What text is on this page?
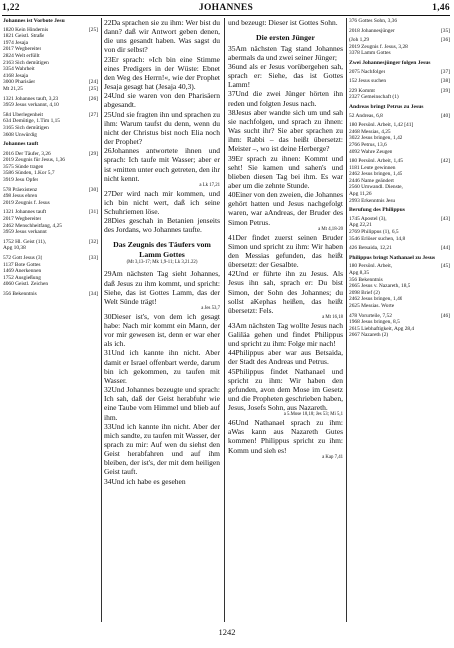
1,22	JOHANNES	1,46
Johannes ist Vorbote Jesu
1820 Kein Hindernis	[25]
1821 Geistl. Straße
1974 Jesaja
2017 Wegbereiter
2824 Welt erfüllt
2163 Sich demütigen
3354 Wahrheit
4168 Jesaja
3000 Pharisäer	[24]
Mt 21,25	[25]
1321 Johannes tauft, 3,23	[26]
3959 Jesus verkannt, 4,10
584 Überlegenheit	[27]
634 Demütige, 1.Tim 1,15
3165 Sich demütigen
3608 Unwürdig
Johannes tauft
2016 Der Täufer, 3,26	[29]
2019 Zeugnis für Jesus, 1,36
3575 Sünde tragen
3586 Sünden, 1.Kor 5,7
3919 Jesu Opfer
578 Präexistenz	[30]
498 Jesus ehren
2019 Zeugnis f. Jesus
1321 Johannes tauft	[31]
2017 Wegbereiter
2462 Menschheitfang, 4,25
3959 Jesus verkannt
1752 Hl. Geist (11),	[32]
Apg 10,38
572 Gott Jesus (3)	[33]
1137 Bote Gottes
1469 Anerkennen
1752 Ausgießung
4060 Geistl. Zeichen
356 Bekenntnis	[34]

22Da sprachen sie zu ihm: Wer bist du dann? daß wir Antwort geben denen, die uns gesandt haben. Was sagst du von dir selbst?

23Er sprach: »Ich bin eine Stimme eines Predigers in der Wüste: Ebnet den Weg des Herrn!«, wie der Prophet Jesaja gesagt hat (Jesaja 40,3).

24Und sie waren von den Pharisäern abgesandt.

25Und sie fragten ihn und sprachen zu ihm: Warum taufst du denn, wenn du nicht der Christus bist noch Elia noch der Prophet?

26Johannes antwortete ihnen und sprach: Ich taufe mit Wasser; aber er ist »mitten unter euch getreten, den ihr nicht kennt.

a Lk 17,21

27Der wird nach mir kommen, und ich bin nicht wert, daß ich seine Schuhriemen löse.

28Dies geschah in Betanien jenseits des Jordans, wo Johannes taufte.

Das Zeugnis des Täufers vom Lamm Gottes
(Mt 3,13-17; Mk 1,9-11; Lk 3,21.22)

29Am nächsten Tag sieht Johannes, daß Jesus zu ihm kommt, und spricht: Siehe, das ist Gottes Lamm, das der Welt Sünde trägt!

a Jes 53,7

30Dieser ist's, von dem ich gesagt habe: Nach mir kommt ein Mann, der vor mir gewesen ist, denn er war eher als ich.

31Und ich kannte ihn nicht. Aber damit er Israel offenbart werde, darum bin ich gekommen, zu taufen mit Wasser.

32Und Johannes bezeugte und sprach: Ich sah, daß der Geist herabfuhr wie eine Taube vom Himmel und blieb auf ihm.

33Und ich kannte ihn nicht. Aber der mich sandte, zu taufen mit Wasser, der sprach zu mir: Auf wen du siehst den Geist herabfahren und auf ihm bleiben, der ist's, der mit dem heiligen Geist tauft.

34Und ich habe es gesehen

und bezeugt: Dieser ist Gottes Sohn.

Die ersten Jünger

35Am nächsten Tag stand Johannes abermals da und zwei seiner Jünger;

36und als er Jesus vorübergehen sah, sprach er: Siehe, das ist Gottes Lamm!

37Und die zwei Jünger hörten ihn reden und folgten Jesus nach.

38Jesus aber wandte sich um und sah sie nachfolgen, und sprach zu ihnen: Was sucht ihr? Sie aber sprachen zu ihm: Rabbi – das heißt übersetzt: Meister –, wo ist deine Herberge?

39Er sprach zu ihnen: Kommt und seht! Sie kamen und sahen's und blieben diesen Tag bei ihm. Es war aber um die zehnte Stunde.

40Einer von den zweien, die Johannes gehört hatten und Jesus nachgefolgt waren, war aAndreas, der Bruder des Simon Petrus.

a Mt 4,18-20

41Der findet zuerst seinen Bruder Simon und spricht zu ihm: Wir haben den Messias gefunden, das heißt übersetzt: der Gesalbte.

42Und er führte ihn zu Jesus. Als Jesus ihn sah, sprach er: Du bist Simon, der Sohn des Johannes; du sollst aKephas heißen, das heißt übersetzt: Fels.

a Mt 16,18

43Am nächsten Tag wollte Jesus nach Galiläa gehen und findet Philippus und spricht zu ihm: Folge mir nach!

44Philippus aber war aus Betsaida, der Stadt des Andreas und Petrus.

45Philippus findet Nathanael und spricht zu ihm: Wir haben den gefunden, avon dem Mose im Gesetz und die Propheten geschrieben haben, Jesus, Josefs Sohn, aus Nazareth.

a 5.Mose 18,18; Jes 53; Mi 5,1

46Und Nathanael sprach zu ihm: aWas kann aus Nazareth Gutes kommen! Philippus spricht zu ihm: Komm und sieh es!

a Kap 7,41
376 Gottes Sohn, 3,36
2018 Johannesjünger	[35]
(Joh 1,29	[36]
2019 Zeugnis f. Jesus, 3,28
3378 Lamm Gottes
Zwei Johannesjünger folgen Jesus
2075 Nachfolger	[37]
152 Jesus suchen	[38]
229 Kommt	[39]
2327 Gemeinschaft (1)
Andreas bringt Petrus zu Jesus
52 Andreas, 6,8	[40]
180 Persönl. Arbeit, 1,42 [41]
2468 Messias, 4,25
3022 Jesus bringen, 1,42
2766 Petrus, 13,6
4092 Wahre Zeugen
180 Persönl. Arbeit, 1,45	[42]
1181 Leute gewinnen
2462 Jesus bringen, 1,45
2446 Name geändert
2560 Umwandl. Dienste,
Apg 11,26
2993 Erkenntnis Jesu
Berufung des Philippus
1745 Apostel (3),	[43]
Apg 22,21
2769 Philippus (1), 6,5
3546 Erlöser suchen, 14,8
426 Betsaida, 12,21	[44]
Philippus bringt Nathanael zu Jesus
180 Persönl. Arbeit,	[45]
Apg 8,35
356 Bekenntnis
2665 Jesus v. Nazareth, 18,5
2098 Brief (2)
2462 Jesus bringen, 1,46
2625 Messias. Worte
478 Vorurteile, 7,52	[46]
1968 Jesus bringen, 8,5
2615 Liebhaftigkeit, Apg 28,4
2667 Nazareth (2)
1242
